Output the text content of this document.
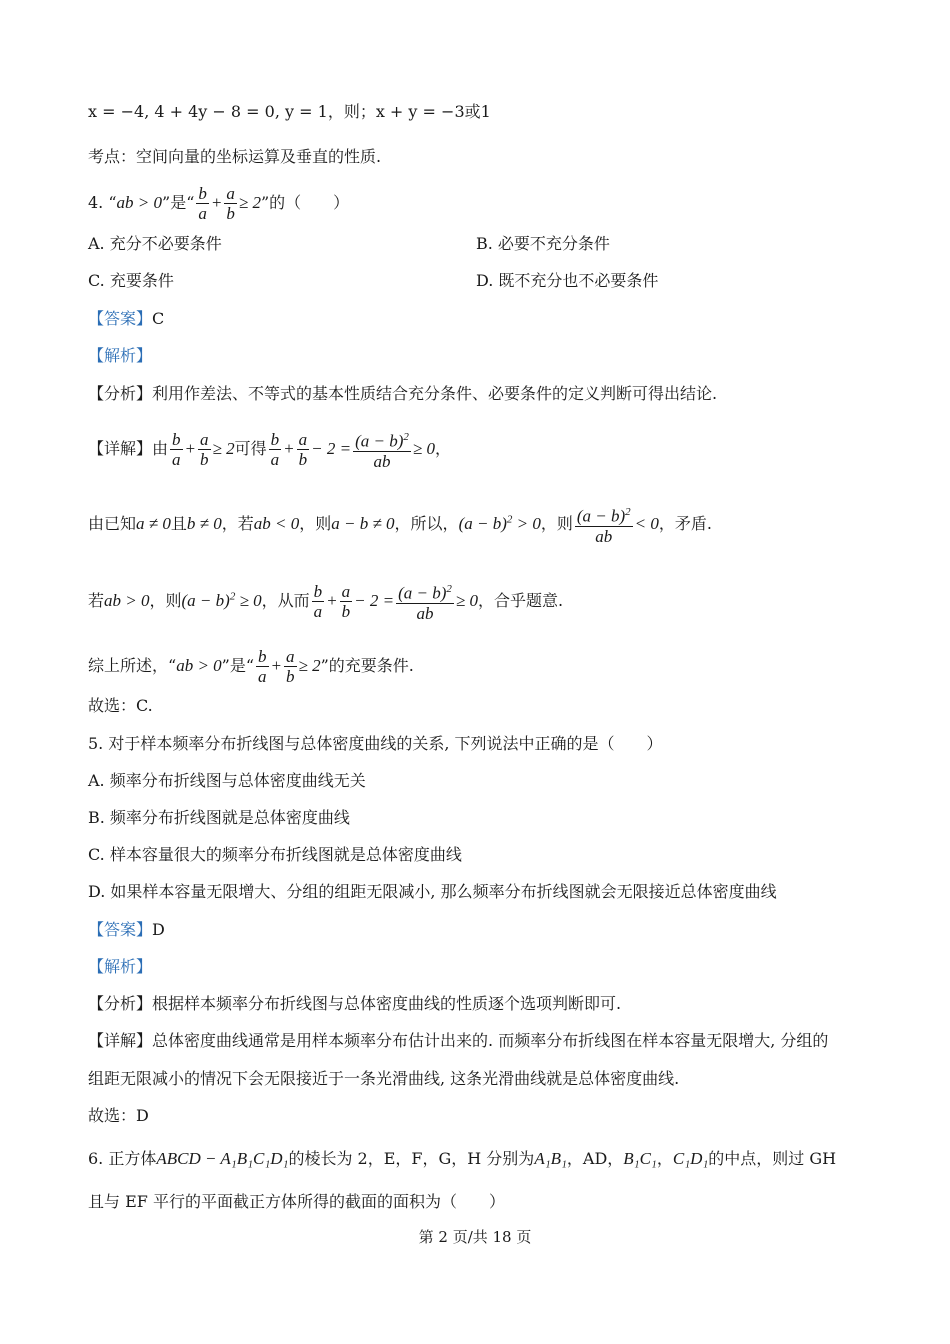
x = −4, 4 + 4y − 8 = 0, y = 1，则；x + y = −3或1
考点：空间向量的坐标运算及垂直的性质.
4. “ab > 0”是“ $\frac{b}{a} + \frac{a}{b} \ge 2$”的（　　）
A. 充分不必要条件	B. 必要不充分条件
C. 充要条件	D. 既不充分也不必要条件
【答案】C
【解析】
【分析】利用作差法、不等式的基本性质结合充分条件、必要条件的定义判断可得出结论.
【详解】由 $\frac{b}{a} + \frac{a}{b} \ge 2$可得 $\frac{b}{a} + \frac{a}{b} - 2 = \frac{(a - b)^2}{ab} \ge 0$，
由已知a ≠ 0且b ≠ 0，若ab < 0，则a − b ≠ 0，所以，$(a - b)^2 > 0$，则 $\frac{(a - b)^2}{ab} < 0$，矛盾.
若ab > 0，则$(a - b)^2 \ge 0$，从而 $\frac{b}{a} + \frac{a}{b} - 2 = \frac{(a - b)^2}{ab} \ge 0$，合乎题意.
综上所述，“ab > 0”是“ $\frac{b}{a} + \frac{a}{b} \ge 2$”的充要条件.
故选：C.
5. 对于样本频率分布折线图与总体密度曲线的关系, 下列说法中正确的是（　　）
A. 频率分布折线图与总体密度曲线无关
B. 频率分布折线图就是总体密度曲线
C. 样本容量很大的频率分布折线图就是总体密度曲线
D. 如果样本容量无限增大、分组的组距无限减小, 那么频率分布折线图就会无限接近总体密度曲线
【答案】D
【解析】
【分析】根据样本频率分布折线图与总体密度曲线的性质逐个选项判断即可.
【详解】总体密度曲线通常是用样本频率分布估计出来的. 而频率分布折线图在样本容量无限增大, 分组的
组距无限减小的情况下会无限接近于一条光滑曲线, 这条光滑曲线就是总体密度曲线.
故选：D
6. 正方体ABCD − A₁B₁C₁D₁的棱长为 2，E，F，G，H 分别为A₁B₁，AD，B₁C₁，C₁D₁的中点，则过 GH
且与 EF 平行的平面截正方体所得的截面的面积为（　　）
第 2 页/共 18 页
